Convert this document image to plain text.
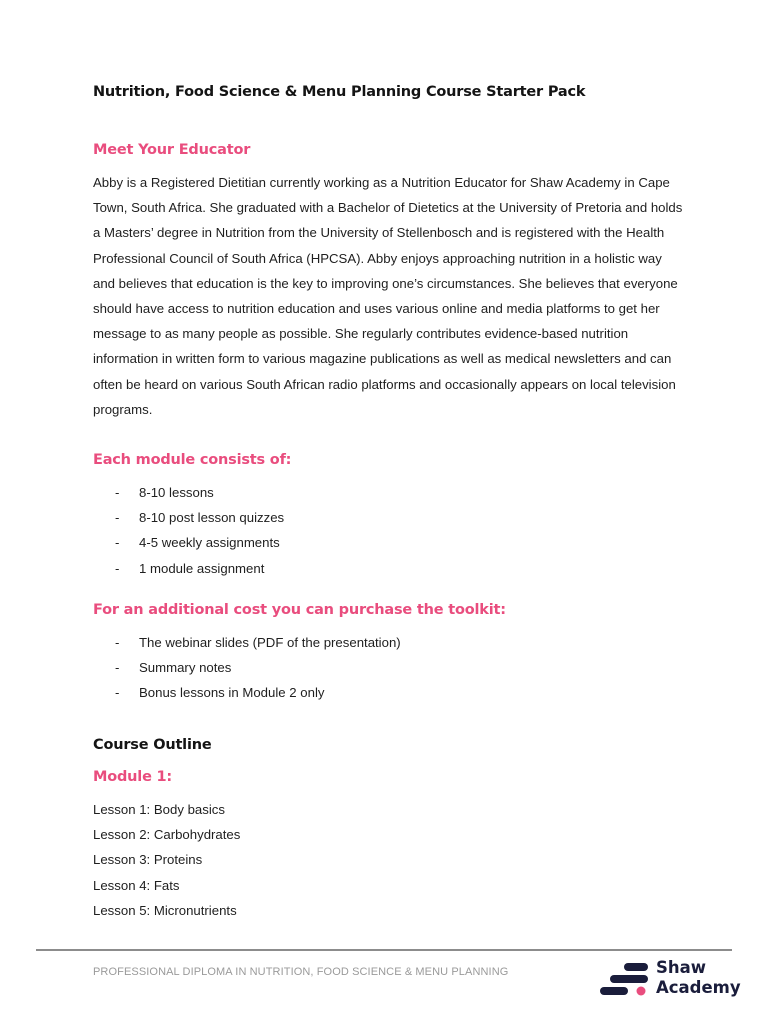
Nutrition, Food Science & Menu Planning Course Starter Pack
Meet Your Educator

Abby is a Registered Dietitian currently working as a Nutrition Educator for Shaw Academy in Cape Town, South Africa. She graduated with a Bachelor of Dietetics at the University of Pretoria and holds a Masters’ degree in Nutrition from the University of Stellenbosch and is registered with the Health Professional Council of South Africa (HPCSA). Abby enjoys approaching nutrition in a holistic way and believes that education is the key to improving one’s circumstances. She believes that everyone should have access to nutrition education and uses various online and media platforms to get her message to as many people as possible. She regularly contributes evidence-based nutrition information in written form to various magazine publications as well as medical newsletters and can often be heard on various South African radio platforms and occasionally appears on local television programs.

Each module consists of:
- 8-10 lessons
- 8-10 post lesson quizzes
- 4-5 weekly assignments
- 1 module assignment
For an additional cost you can purchase the toolkit:
- The webinar slides (PDF of the presentation)
- Summary notes
- Bonus lessons in Module 2 only
Course Outline
Module 1:
Lesson 1: Body basics
Lesson 2: Carbohydrates
Lesson 3: Proteins
Lesson 4: Fats
Lesson 5: Micronutrients
PROFESSIONAL DIPLOMA IN NUTRITION, FOOD SCIENCE & MENU PLANNING	Shaw
Academy
